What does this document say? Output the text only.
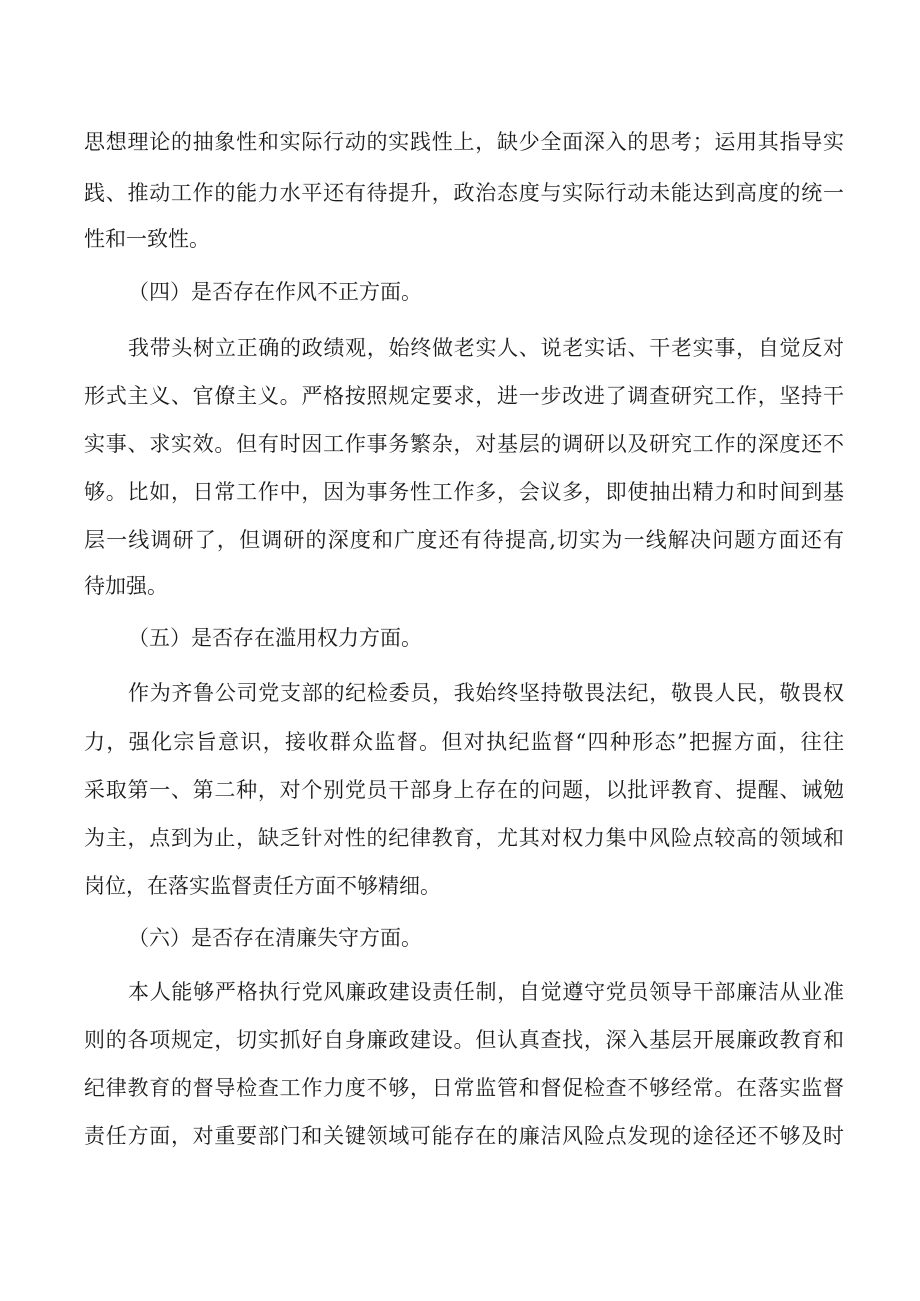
思想理论的抽象性和实际行动的实践性上，缺少全面深入的思考；运用其指导实
践、推动工作的能力水平还有待提升，政治态度与实际行动未能达到高度的统一
性和一致性。
（四）是否存在作风不正方面。
我带头树立正确的政绩观，始终做老实人、说老实话、干老实事，自觉反对
形式主义、官僚主义。严格按照规定要求，进一步改进了调查研究工作，坚持干
实事、求实效。但有时因工作事务繁杂，对基层的调研以及研究工作的深度还不
够。比如，日常工作中，因为事务性工作多，会议多，即使抽出精力和时间到基
层一线调研了，但调研的深度和广度还有待提高,切实为一线解决问题方面还有
待加强。
（五）是否存在滥用权力方面。
作为齐鲁公司党支部的纪检委员，我始终坚持敬畏法纪，敬畏人民，敬畏权
力，强化宗旨意识，接收群众监督。但对执纪监督“四种形态”把握方面，往往
采取第一、第二种，对个别党员干部身上存在的问题，以批评教育、提醒、诫勉
为主，点到为止，缺乏针对性的纪律教育，尤其对权力集中风险点较高的领域和
岗位，在落实监督责任方面不够精细。
（六）是否存在清廉失守方面。
本人能够严格执行党风廉政建设责任制，自觉遵守党员领导干部廉洁从业准
则的各项规定，切实抓好自身廉政建设。但认真查找，深入基层开展廉政教育和
纪律教育的督导检查工作力度不够，日常监管和督促检查不够经常。在落实监督
责任方面，对重要部门和关键领域可能存在的廉洁风险点发现的途径还不够及时
